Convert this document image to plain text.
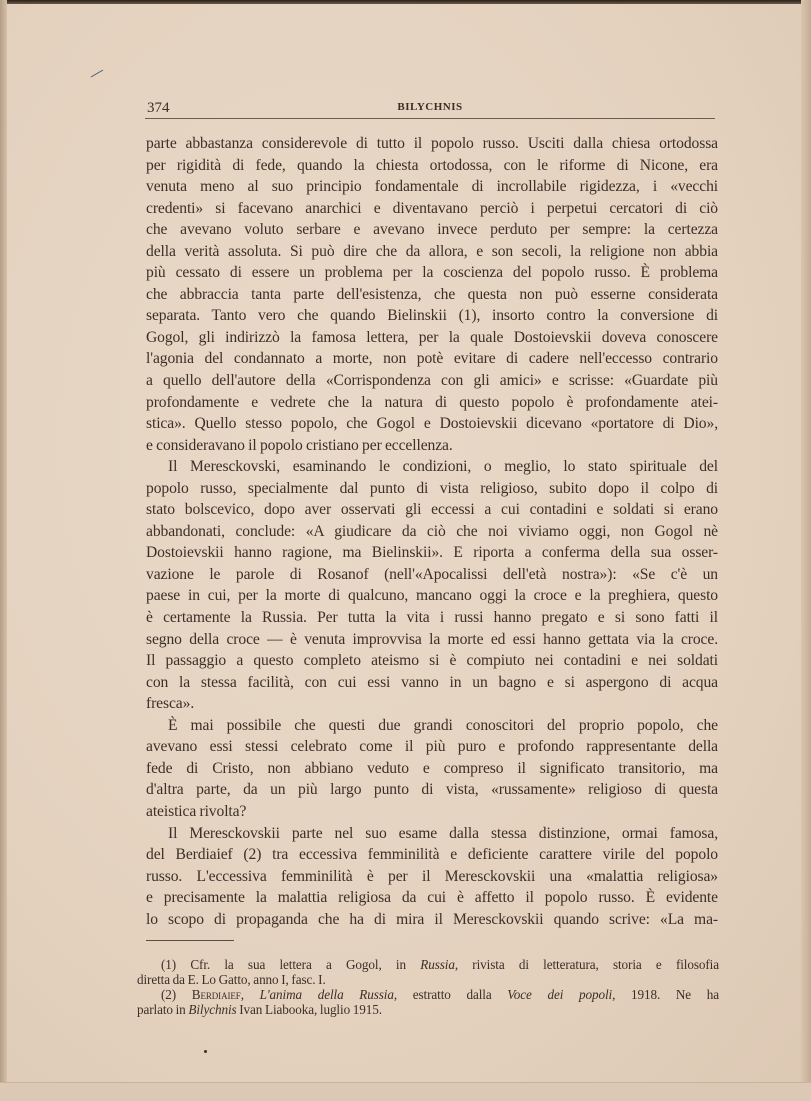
374	BILYCHNIS
parte abbastanza considerevole di tutto il popolo russo. Usciti dalla chiesa ortodossa
per rigidità di fede, quando la chiesta ortodossa, con le riforme di Nicone, era
venuta meno al suo principio fondamentale di incrollabile rigidezza, i «vecchi
credenti» si facevano anarchici e diventavano perciò i perpetui cercatori di ciò
che avevano voluto serbare e avevano invece perduto per sempre: la certezza
della verità assoluta. Si può dire che da allora, e son secoli, la religione non abbia
più cessato di essere un problema per la coscienza del popolo russo. È problema
che abbraccia tanta parte dell'esistenza, che questa non può esserne considerata
separata. Tanto vero che quando Bielinskii (1), insorto contro la conversione di
Gogol, gli indirizzò la famosa lettera, per la quale Dostoievskii doveva conoscere
l'agonia del condannato a morte, non potè evitare di cadere nell'eccesso contrario
a quello dell'autore della «Corrispondenza con gli amici» e scrisse: «Guardate più
profondamente e vedrete che la natura di questo popolo è profondamente atei-
stica». Quello stesso popolo, che Gogol e Dostoievskii dicevano «portatore di Dio»,
e consideravano il popolo cristiano per eccellenza.
Il Meresckovski, esaminando le condizioni, o meglio, lo stato spirituale del
popolo russo, specialmente dal punto di vista religioso, subito dopo il colpo di
stato bolscevico, dopo aver osservati gli eccessi a cui contadini e soldati si erano
abbandonati, conclude: «A giudicare da ciò che noi viviamo oggi, non Gogol nè
Dostoievskii hanno ragione, ma Bielinskii». E riporta a conferma della sua osser-
vazione le parole di Rosanof (nell'«Apocalissi dell'età nostra»): «Se c'è un
paese in cui, per la morte di qualcuno, mancano oggi la croce e la preghiera, questo
è certamente la Russia. Per tutta la vita i russi hanno pregato e si sono fatti il
segno della croce — è venuta improvvisa la morte ed essi hanno gettata via la croce.
Il passaggio a questo completo ateismo si è compiuto nei contadini e nei soldati
con la stessa facilità, con cui essi vanno in un bagno e si aspergono di acqua
fresca».
È mai possibile che questi due grandi conoscitori del proprio popolo, che
avevano essi stessi celebrato come il più puro e profondo rappresentante della
fede di Cristo, non abbiano veduto e compreso il significato transitorio, ma
d'altra parte, da un più largo punto di vista, «russamente» religioso di questa
ateistica rivolta?
Il Meresckovskii parte nel suo esame dalla stessa distinzione, ormai famosa,
del Berdiaief (2) tra eccessiva femminilità e deficiente carattere virile del popolo
russo. L'eccessiva femminilità è per il Meresckovskii una «malattia religiosa»
e precisamente la malattia religiosa da cui è affetto il popolo russo. È evidente
lo scopo di propaganda che ha di mira il Meresckovskii quando scrive: «La ma-
(1) Cfr. la sua lettera a Gogol, in Russia, rivista di letteratura, storia e filosofia
diretta da E. Lo Gatto, anno I, fasc. I.
(2) Berdiaief, L'anima della Russia, estratto dalla Voce dei popoli, 1918. Ne ha
parlato in Bilychnis Ivan Liabooka, luglio 1915.
